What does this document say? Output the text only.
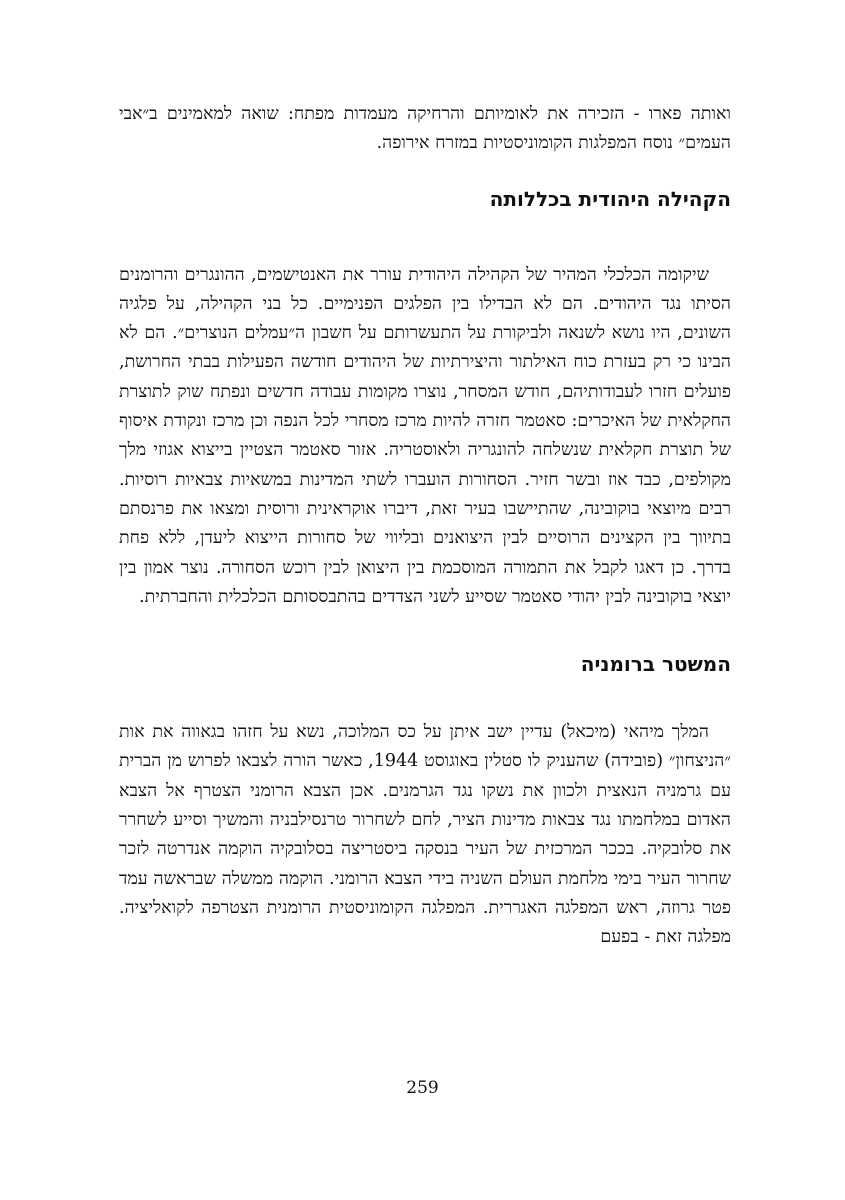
ואותה פארו - הזכירה את לאומיותם והרחיקה מעמדות מפתח: שואה למאמינים ב״אבי העמים״ נוסח המפלגות הקומוניסטיות במזרח אירופה.

הקהילה היהודית בכללותה

שיקומה הכלכלי המהיר של הקהילה היהודית עורר את האנטישמים, ההונגרים והרומנים הסיתו נגד היהודים. הם לא הבדילו בין הפלגים הפנימיים. כל בני הקהילה, על פלגיה השונים, היו נושא לשנאה ולביקורת על התעשרותם על חשבון ה״עמלים הנוצרים״. הם לא הבינו כי רק בעזרת כוח האילתור והיצירתיות של היהודים חודשה הפעילות בבתי החרושת, פועלים חזרו לעבודותיהם, חודש המסחר, נוצרו מקומות עבודה חדשים ונפתח שוק לתוצרת החקלאית של האיכרים: סאטמר חזרה להיות מרכז מסחרי לכל הנפה וכן מרכז ונקודת איסוף של תוצרת חקלאית שנשלחה להונגריה ולאוסטריה. אזור סאטמר הצטיין בייצוא אגוזי מלך מקולפים, כבד אוז ובשר חזיר. הסחורות הועברו לשתי המדינות במשאיות צבאיות רוסיות. רבים מיוצאי בוקובינה, שהתיישבו בעיר זאת, דיברו אוקראינית ורוסית ומצאו את פרנסתם בתיווך בין הקצינים הרוסיים לבין היצואנים ובליווי של סחורות הייצוא ליעדן, ללא פחת בדרך. כן דאגו לקבל את התמורה המוסכמת בין היצואן לבין רוכש הסחורה. נוצר אמון בין יוצאי בוקובינה לבין יהודי סאטמר שסייע לשני הצדדים בהתבססותם הכלכלית והחברתית.

המשטר ברומניה

המלך מיהאי (מיכאל) עדיין ישב איתן על כס המלוכה, נשא על חזהו בגאווה את אות ״הניצחון״ (פובידה) שהעניק לו סטלין באוגוסט 1944, כאשר הורה לצבאו לפרוש מן הברית עם גרמניה הנאצית ולכוון את נשקו נגד הגרמנים. אכן הצבא הרומני הצטרף אל הצבא האדום במלחמתו נגד צבאות מדינות הציר, לחם לשחרור טרנסילבניה והמשיך וסייע לשחרר את סלובקיה. בככר המרכזית של העיר בנסקה ביסטריצה בסלובקיה הוקמה אנדרטה לזכר שחרור העיר בימי מלחמת העולם השניה בידי הצבא הרומני. הוקמה ממשלה שבראשה עמד פטר גרוזה, ראש המפלגה האגררית. המפלגה הקומוניסטית הרומנית הצטרפה לקואליציה. מפלגה זאת - בפעם

259
